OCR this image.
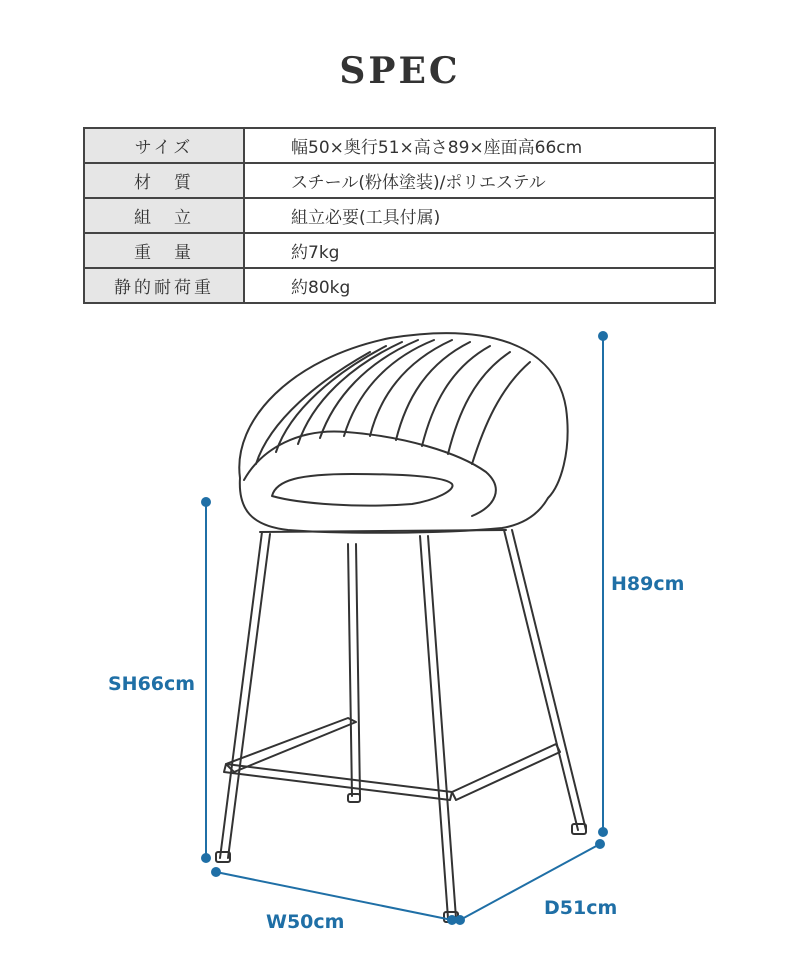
SPEC
サイズ	幅50×奥行51×高さ89×座面高66cm
材　質	スチール(粉体塗装)/ポリエステル
組　立	組立必要(工具付属)
重　量	約7kg
静的耐荷重	約80kg
H89cm
SH66cm
W50cm
D51cm
